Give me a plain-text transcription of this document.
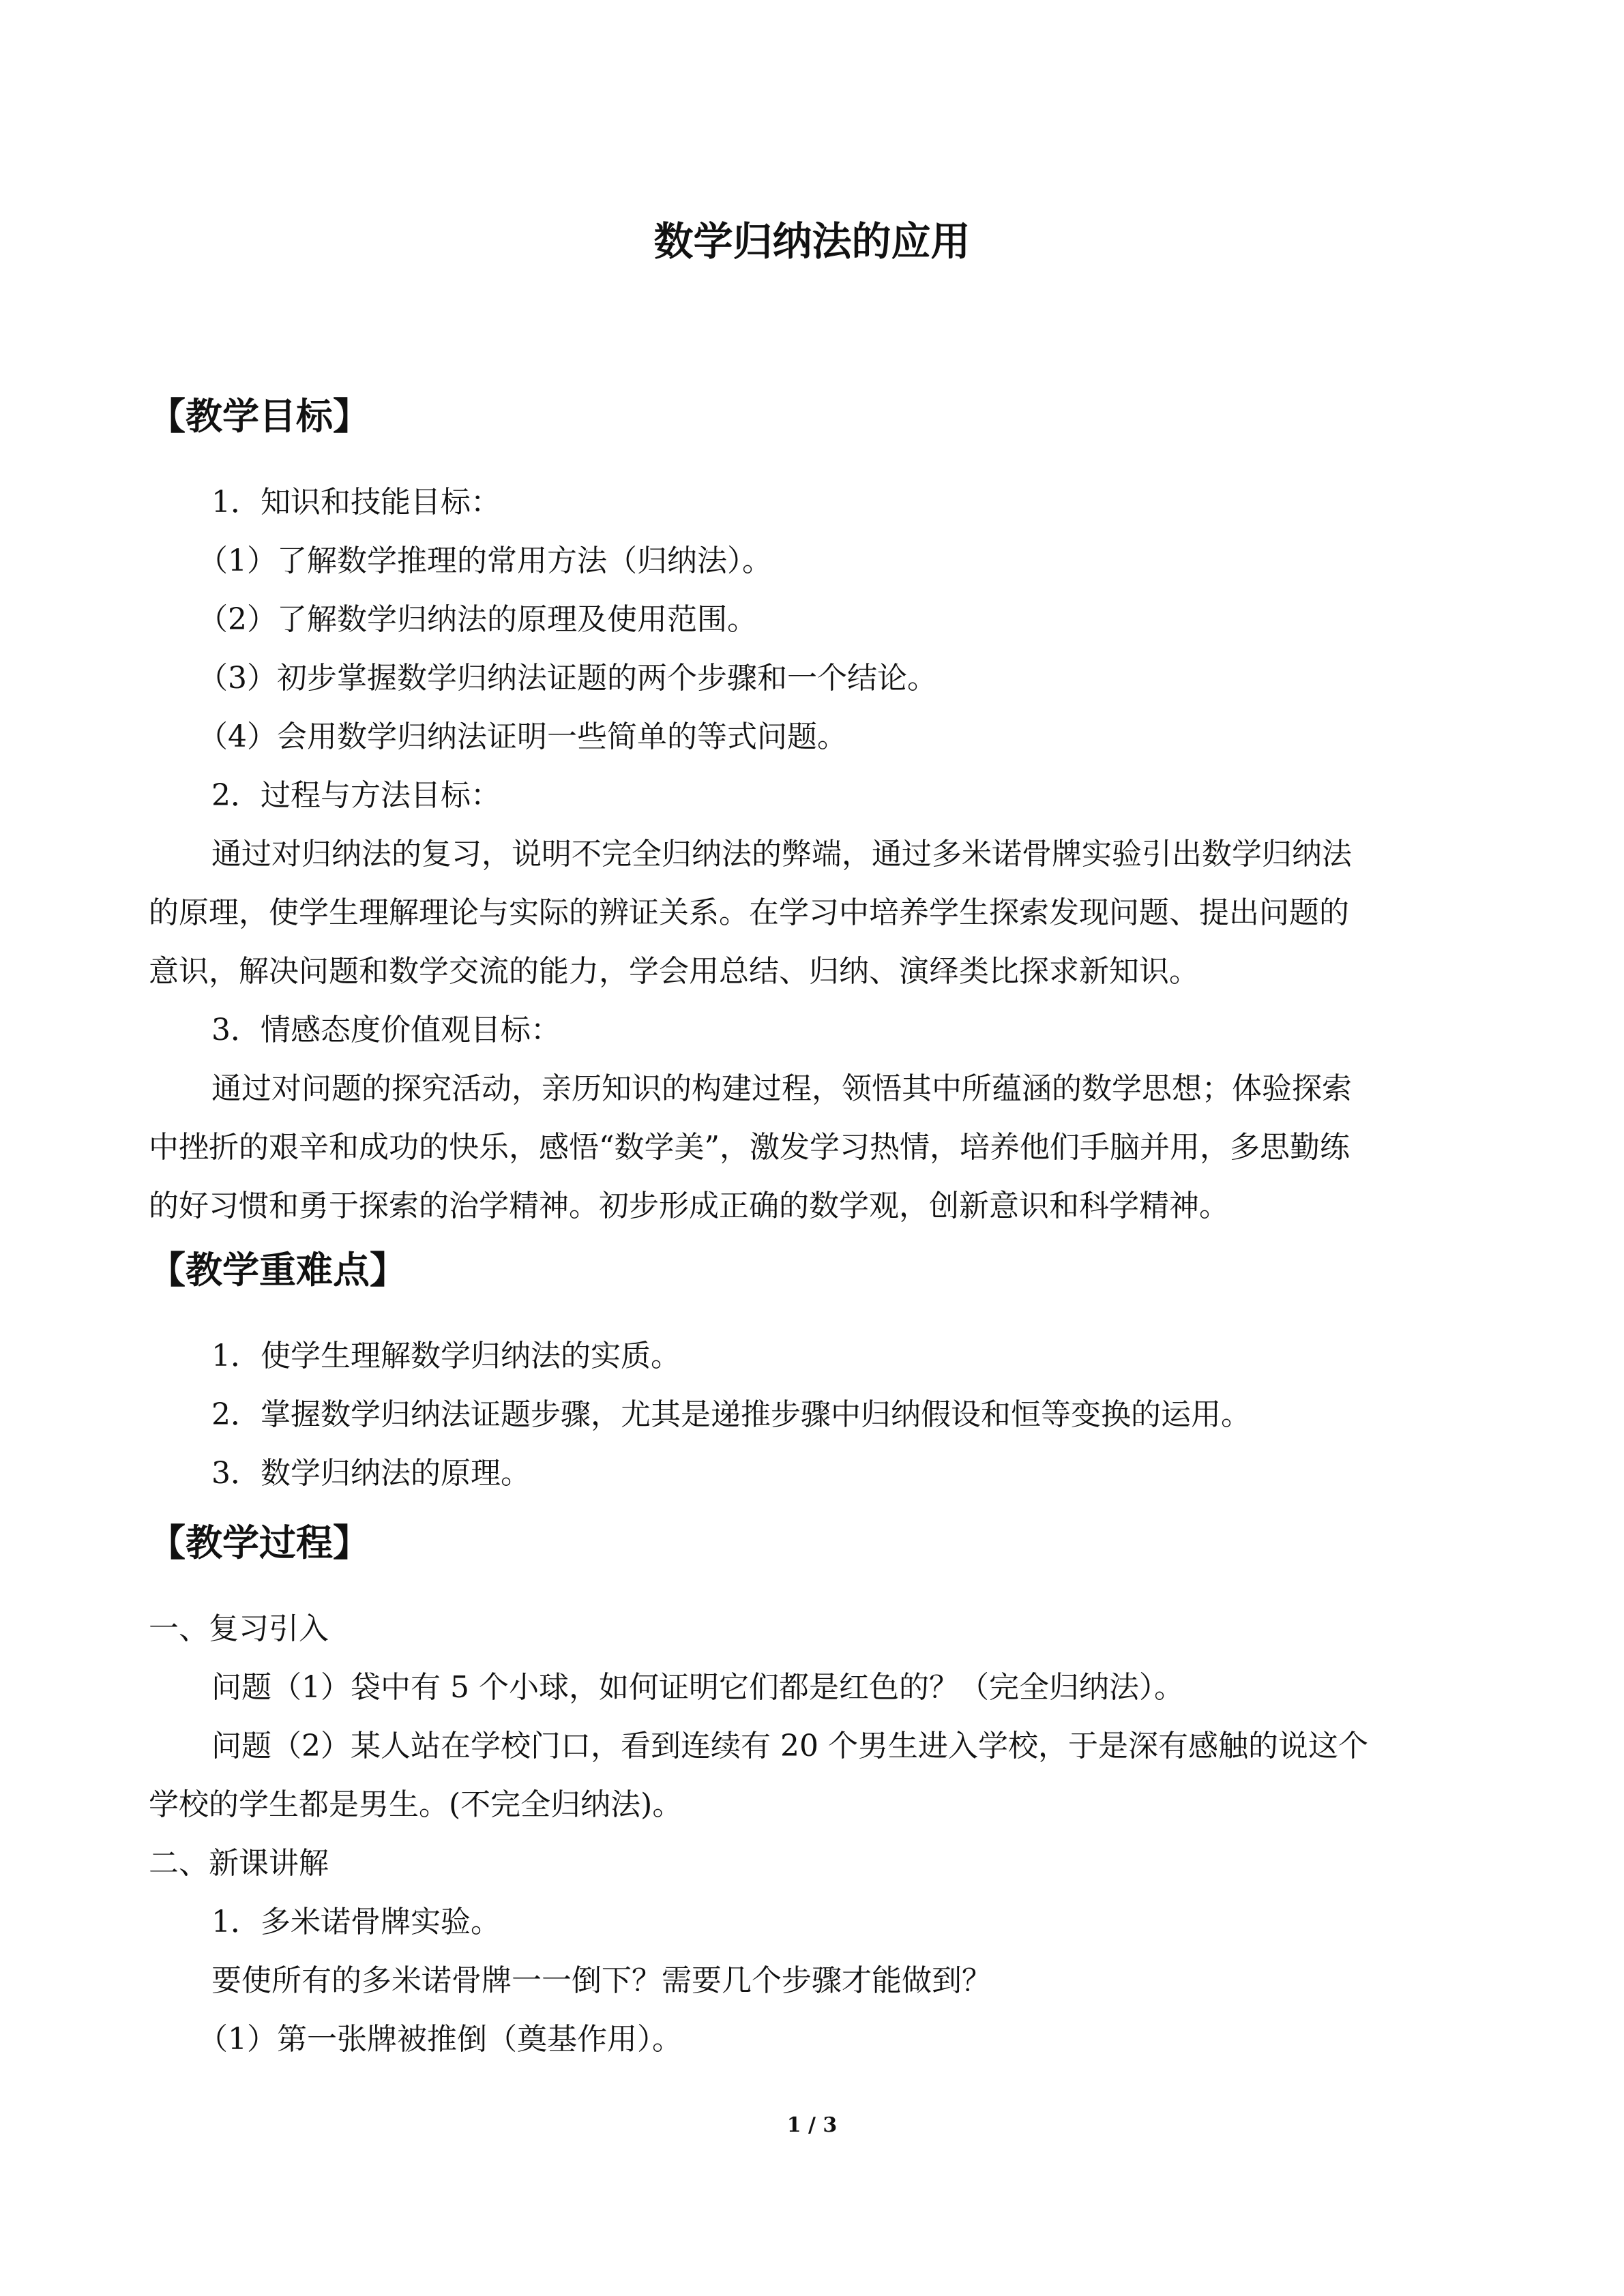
数学归纳法的应用
【教学目标】
1．知识和技能目标：
（1）了解数学推理的常用方法（归纳法）。
（2）了解数学归纳法的原理及使用范围。
（3）初步掌握数学归纳法证题的两个步骤和一个结论。
（4）会用数学归纳法证明一些简单的等式问题。
2．过程与方法目标：
通过对归纳法的复习，说明不完全归纳法的弊端，通过多米诺骨牌实验引出数学归纳法
的原理，使学生理解理论与实际的辨证关系。在学习中培养学生探索发现问题、提出问题的
意识，解决问题和数学交流的能力，学会用总结、归纳、演绎类比探求新知识。
3．情感态度价值观目标：
通过对问题的探究活动，亲历知识的构建过程，领悟其中所蕴涵的数学思想；体验探索
中挫折的艰辛和成功的快乐，感悟“数学美”，激发学习热情，培养他们手脑并用，多思勤练
的好习惯和勇于探索的治学精神。初步形成正确的数学观，创新意识和科学精神。
【教学重难点】
1．使学生理解数学归纳法的实质。
2．掌握数学归纳法证题步骤，尤其是递推步骤中归纳假设和恒等变换的运用。
3．数学归纳法的原理。
【教学过程】
一、复习引入
问题（1）袋中有 5 个小球，如何证明它们都是红色的？（完全归纳法）。
问题（2）某人站在学校门口，看到连续有 20 个男生进入学校，于是深有感触的说这个
学校的学生都是男生。(不完全归纳法)。
二、新课讲解
1．多米诺骨牌实验。
要使所有的多米诺骨牌一一倒下？需要几个步骤才能做到？
（1）第一张牌被推倒（奠基作用）。
1 / 3
